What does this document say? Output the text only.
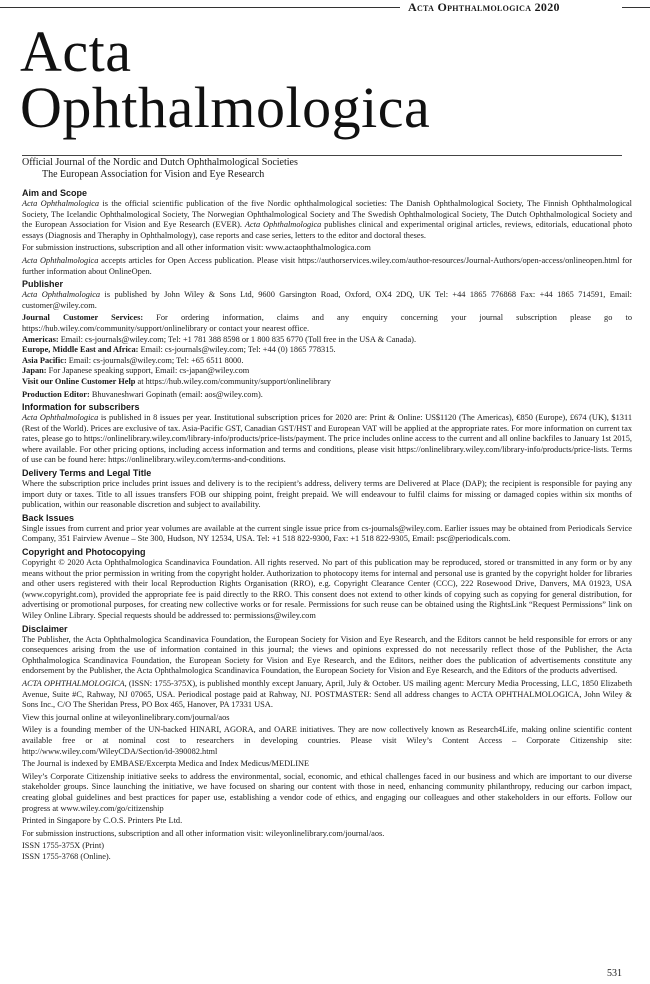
Acta Ophthalmologica 2020
Acta
Ophthalmologica
Official Journal of the Nordic and Dutch Ophthalmological Societies
The European Association for Vision and Eye Research
Aim and Scope

Acta Ophthalmologica is the official scientific publication of the five Nordic ophthalmological societies: The Danish Ophthalmological Society, The Finnish Ophthalmological Society, The Icelandic Ophthalmological Society, The Norwegian Ophthalmological Society and The Swedish Ophthalmological Society, The Dutch Ophthalmological Society and the European Association for Vision and Eye Research (EVER). Acta Ophthalmologica publishes clinical and experimental original articles, reviews, editorials, educational photo essays (Diagnosis and Theraphy in Ophthalmology), case reports and case series, letters to the editor and doctoral theses.

For submission instructions, subscription and all other information visit: www.actaophthalmologica.com

Acta Ophthalmologica accepts articles for Open Access publication. Please visit https://authorservices.wiley.com/author-resources/Journal-Authors/open-access/onlineopen.html for further information about OnlineOpen.

Publisher

Acta Ophthalmologica is published by John Wiley & Sons Ltd, 9600 Garsington Road, Oxford, OX4 2DQ, UK Tel: +44 1865 776868 Fax: +44 1865 714591, Email: customer@wiley.com.

Journal Customer Services: For ordering information, claims and any enquiry concerning your journal subscription please go to https://hub.wiley.com/community/support/onlinelibrary or contact your nearest office.

Americas: Email: cs-journals@wiley.com; Tel: +1 781 388 8598 or 1 800 835 6770 (Toll free in the USA & Canada).

Europe, Middle East and Africa: Email: cs-journals@wiley.com; Tel: +44 (0) 1865 778315.

Asia Pacific: Email: cs-journals@wiley.com; Tel: +65 6511 8000.

Japan: For Japanese speaking support, Email: cs-japan@wiley.com

Visit our Online Customer Help at https://hub.wiley.com/community/support/onlinelibrary

Production Editor: Bhuvaneshwari Gopinath (email: aos@wiley.com).

Information for subscribers

Acta Ophthalmologica is published in 8 issues per year. Institutional subscription prices for 2020 are: Print & Online: US$1120 (The Americas), €850 (Europe), £674 (UK), $1311 (Rest of the World). Prices are exclusive of tax. Asia-Pacific GST, Canadian GST/HST and European VAT will be applied at the appropriate rates. For more information on current tax rates, please go to https://onlinelibrary.wiley.com/library-info/products/price-lists/payment. The price includes online access to the current and all online backfiles to January 1st 2015, where available. For other pricing options, including access information and terms and conditions, please visit https://onlinelibrary.wiley.com/library-info/products/price-lists. Terms of use can be found here: https://onlinelibrary.wiley.com/terms-and-conditions.

Delivery Terms and Legal Title

Where the subscription price includes print issues and delivery is to the recipient’s address, delivery terms are Delivered at Place (DAP); the recipient is responsible for paying any import duty or taxes. Title to all issues transfers FOB our shipping point, freight prepaid. We will endeavour to fulfil claims for missing or damaged copies within six months of publication, within our reasonable discretion and subject to availability.

Back Issues

Single issues from current and prior year volumes are available at the current single issue price from cs-journals@wiley.com. Earlier issues may be obtained from Periodicals Service Company, 351 Fairview Avenue – Ste 300, Hudson, NY 12534, USA. Tel: +1 518 822-9300, Fax: +1 518 822-9305, Email: psc@periodicals.com.

Copyright and Photocopying

Copyright © 2020 Acta Ophthalmologica Scandinavica Foundation. All rights reserved. No part of this publication may be reproduced, stored or transmitted in any form or by any means without the prior permission in writing from the copyright holder. Authorization to photocopy items for internal and personal use is granted by the copyright holder for libraries and other users registered with their local Reproduction Rights Organisation (RRO), e.g. Copyright Clearance Center (CCC), 222 Rosewood Drive, Danvers, MA 01923, USA (www.copyright.com), provided the appropriate fee is paid directly to the RRO. This consent does not extend to other kinds of copying such as copying for general distribution, for advertising or promotional purposes, for creating new collective works or for resale. Permissions for such reuse can be obtained using the RightsLink “Request Permissions” link on Wiley Online Library. Special requests should be addressed to: permissions@wiley.com

Disclaimer

The Publisher, the Acta Ophthalmologica Scandinavica Foundation, the European Society for Vision and Eye Research, and the Editors cannot be held responsible for errors or any consequences arising from the use of information contained in this journal; the views and opinions expressed do not necessarily reflect those of the Publisher, the Acta Ophthalmologica Scandinavica Foundation, the European Society for Vision and Eye Research, and the Editors, neither does the publication of advertisements constitute any endorsement by the Publisher, the Acta Ophthalmologica Scandinavica Foundation, the European Society for Vision and Eye Research, and the Editors of the products advertised.

ACTA OPHTHALMOLOGICA, (ISSN: 1755-375X), is published monthly except January, April, July & October. US mailing agent: Mercury Media Processing, LLC, 1850 Elizabeth Avenue, Suite #C, Rahway, NJ 07065, USA. Periodical postage paid at Rahway, NJ. POSTMASTER: Send all address changes to ACTA OPHTHALMOLOGICA, John Wiley & Sons Inc., C/O The Sheridan Press, PO Box 465, Hanover, PA 17331 USA.

View this journal online at wileyonlinelibrary.com/journal/aos

Wiley is a founding member of the UN-backed HINARI, AGORA, and OARE initiatives. They are now collectively known as Research4Life, making online scientific content available free or at nominal cost to researchers in developing countries. Please visit Wiley’s Content Access – Corporate Citizenship site: http://www.wiley.com/WileyCDA/Section/id-390082.html

The Journal is indexed by EMBASE/Excerpta Medica and Index Medicus/MEDLINE

Wiley’s Corporate Citizenship initiative seeks to address the environmental, social, economic, and ethical challenges faced in our business and which are important to our diverse stakeholder groups. Since launching the initiative, we have focused on sharing our content with those in need, enhancing community philanthropy, reducing our carbon impact, creating global guidelines and best practices for paper use, establishing a vendor code of ethics, and engaging our colleagues and other stakeholders in our efforts. Follow our progress at www.wiley.com/go/citizenship

Printed in Singapore by C.O.S. Printers Pte Ltd.

For submission instructions, subscription and all other information visit: wileyonlinelibrary.com/journal/aos.

ISSN 1755-375X (Print)

ISSN 1755-3768 (Online).

531
